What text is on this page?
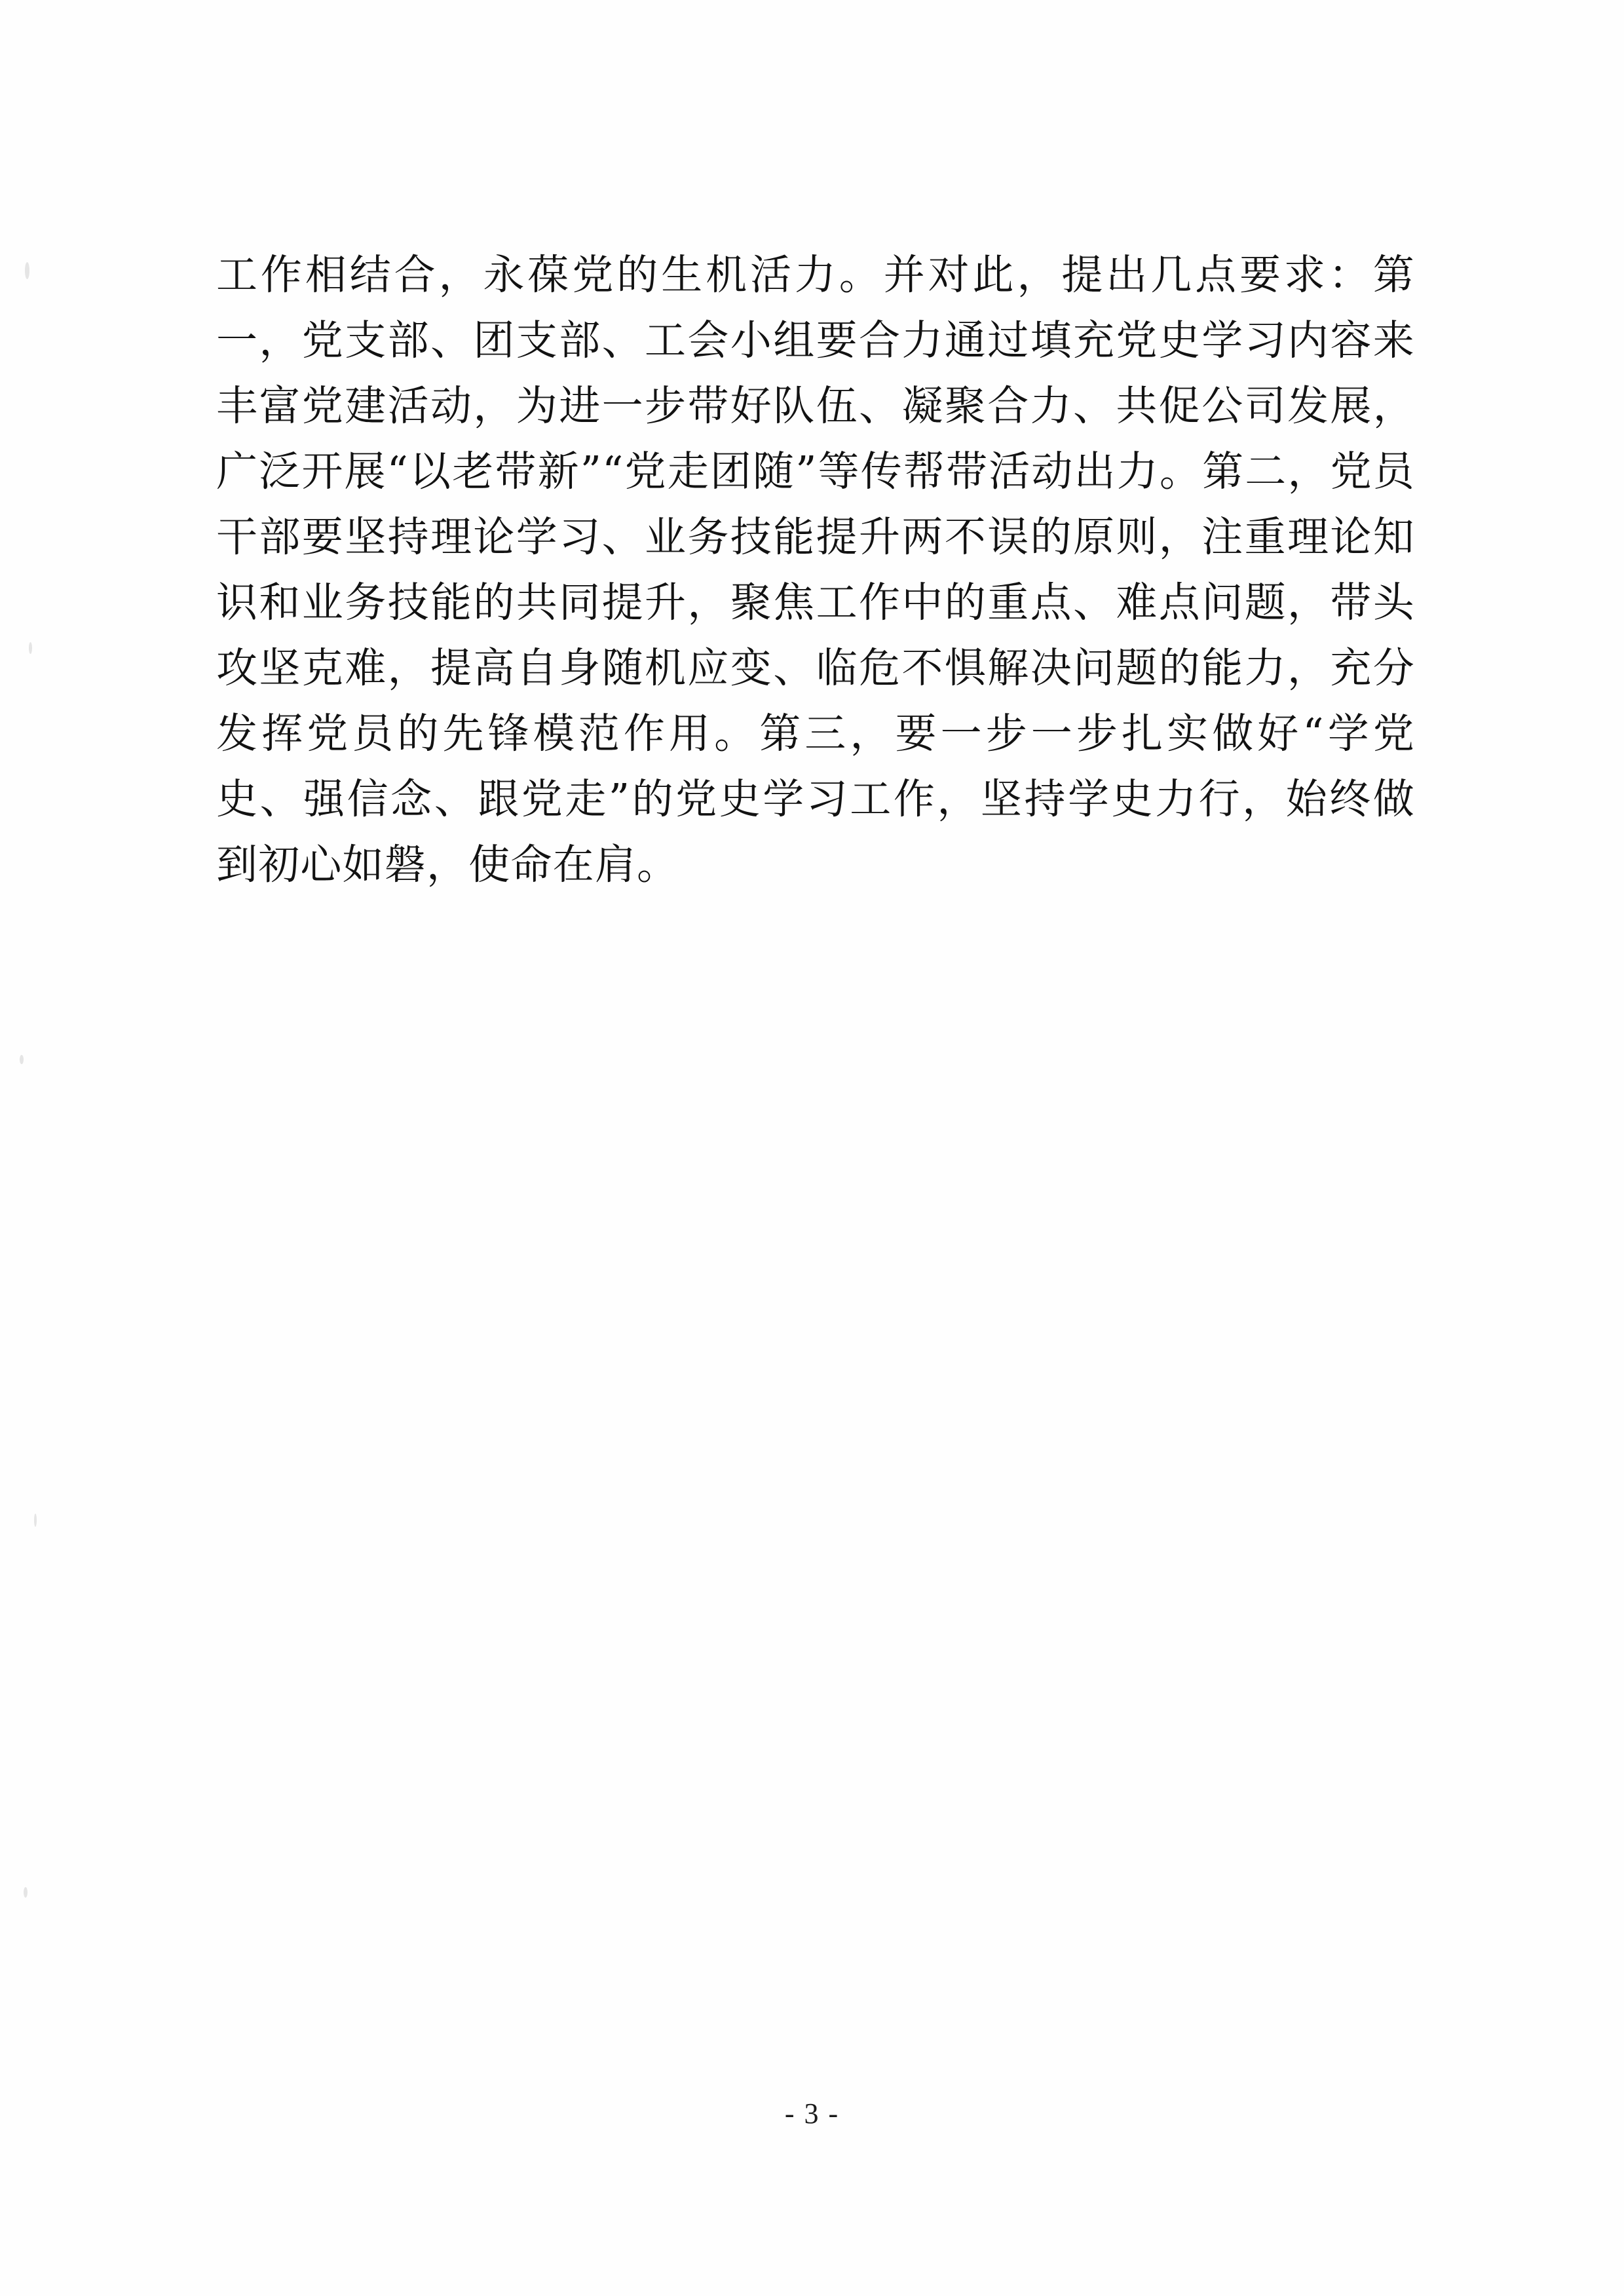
工作相结合，永葆党的生机活力。并对此，提出几点要求：第一，党支部、团支部、工会小组要合力通过填充党史学习内容来丰富党建活动，为进一步带好队伍、凝聚合力、共促公司发展，广泛开展“以老带新”“党走团随”等传帮带活动出力。第二，党员干部要坚持理论学习、业务技能提升两不误的原则，注重理论知识和业务技能的共同提升，聚焦工作中的重点、难点问题，带头攻坚克难，提高自身随机应变、临危不惧解决问题的能力，充分发挥党员的先锋模范作用。第三，要一步一步扎实做好“学党史、强信念、跟党走”的党史学习工作，坚持学史力行，始终做到初心如磐，使命在肩。

- 3 -
